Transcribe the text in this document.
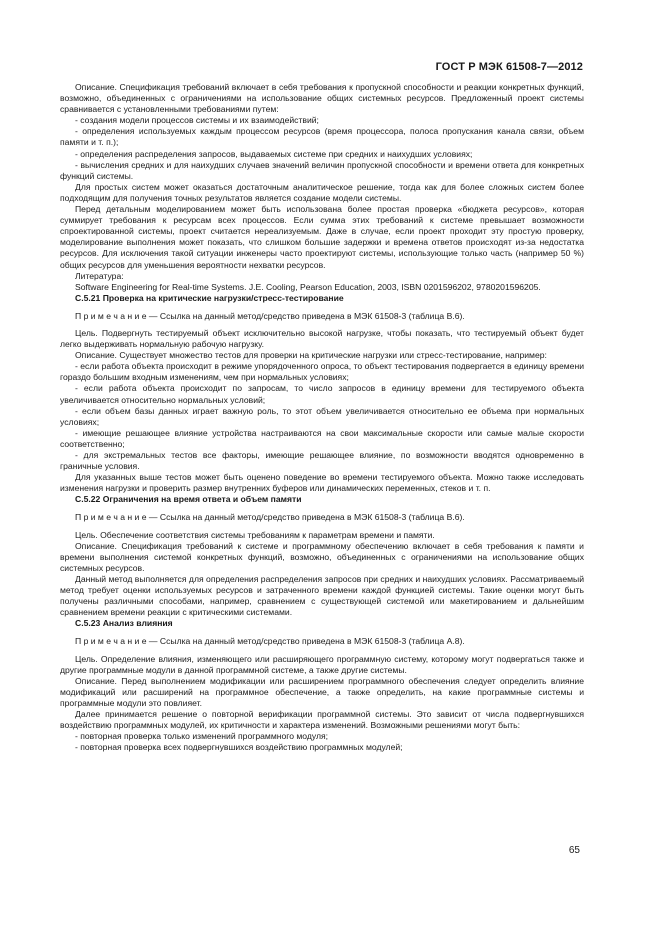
ГОСТ Р МЭК 61508-7—2012

Описание. Спецификация требований включает в себя требования к пропускной способности и реакции конкретных функций, возможно, объединенных с ограничениями на использование общих системных ресурсов. Предложенный проект системы сравнивается с установленными требованиями путем:

- создания модели процессов системы и их взаимодействий;

- определения используемых каждым процессом ресурсов (время процессора, полоса пропускания канала связи, объем памяти и т. п.);

- определения распределения запросов, выдаваемых системе при средних и наихудших условиях;

- вычисления средних и для наихудших случаев значений величин пропускной способности и времени ответа для конкретных функций системы.

Для простых систем может оказаться достаточным аналитическое решение, тогда как для более сложных систем более подходящим для получения точных результатов является создание модели системы.

Перед детальным моделированием может быть использована более простая проверка «бюджета ресурсов», которая суммирует требования к ресурсам всех процессов. Если сумма этих требований к системе превышает возможности спроектированной системы, проект считается нереализуемым. Даже в случае, если проект проходит эту простую проверку, моделирование выполнения может показать, что слишком большие задержки и времена ответов происходят из-за недостатка ресурсов. Для исключения такой ситуации инженеры часто проектируют системы, использующие только часть (например 50 %) общих ресурсов для уменьшения вероятности нехватки ресурсов.

Литература:

Software Engineering for Real-time Systems. J.E. Cooling, Pearson Education, 2003, ISBN 0201596202, 9780201596205.

C.5.21 Проверка на критические нагрузки/стресс-тестирование

П р и м е ч а н и е — Ссылка на данный метод/средство приведена в МЭК 61508-3 (таблица В.6).

Цель. Подвергнуть тестируемый объект исключительно высокой нагрузке, чтобы показать, что тестируемый объект будет легко выдерживать нормальную рабочую нагрузку.

Описание. Существует множество тестов для проверки на критические нагрузки или стресс-тестирование, например:

- если работа объекта происходит в режиме упорядоченного опроса, то объект тестирования подвергается в единицу времени гораздо большим входным изменениям, чем при нормальных условиях;

- если работа объекта происходит по запросам, то число запросов в единицу времени для тестируемого объекта увеличивается относительно нормальных условий;

- если объем базы данных играет важную роль, то этот объем увеличивается относительно ее объема при нормальных условиях;

- имеющие решающее влияние устройства настраиваются на свои максимальные скорости или самые малые скорости соответственно;

- для экстремальных тестов все факторы, имеющие решающее влияние, по возможности вводятся одновременно в граничные условия.

Для указанных выше тестов может быть оценено поведение во времени тестируемого объекта. Можно также исследовать изменения нагрузки и проверить размер внутренних буферов или динамических переменных, стеков и т. п.

C.5.22 Ограничения на время ответа и объем памяти

П р и м е ч а н и е — Ссылка на данный метод/средство приведена в МЭК 61508-3 (таблица В.6).

Цель. Обеспечение соответствия системы требованиям к параметрам времени и памяти.

Описание. Спецификация требований к системе и программному обеспечению включает в себя требования к памяти и времени выполнения системой конкретных функций, возможно, объединенных с ограничениями на использование общих системных ресурсов.

Данный метод выполняется для определения распределения запросов при средних и наихудших условиях. Рассматриваемый метод требует оценки используемых ресурсов и затраченного времени каждой функцией системы. Такие оценки могут быть получены различными способами, например, сравнением с существующей системой или макетированием и дальнейшим сравнением времени реакции с критическими системами.

C.5.23 Анализ влияния

П р и м е ч а н и е — Ссылка на данный метод/средство приведена в МЭК 61508-3 (таблица А.8).

Цель. Определение влияния, изменяющего или расширяющего программную систему, которому могут подвергаться также и другие программные модули в данной программной системе, а также другие системы.

Описание. Перед выполнением модификации или расширением программного обеспечения следует определить влияние модификаций или расширений на программное обеспечение, а также определить, на какие программные системы и программные модули это повлияет.

Далее принимается решение о повторной верификации программной системы. Это зависит от числа подвергнувшихся воздействию программных модулей, их критичности и характера изменений. Возможными решениями могут быть:

- повторная проверка только изменений программного модуля;

- повторная проверка всех подвергнувшихся воздействию программных модулей;

65
